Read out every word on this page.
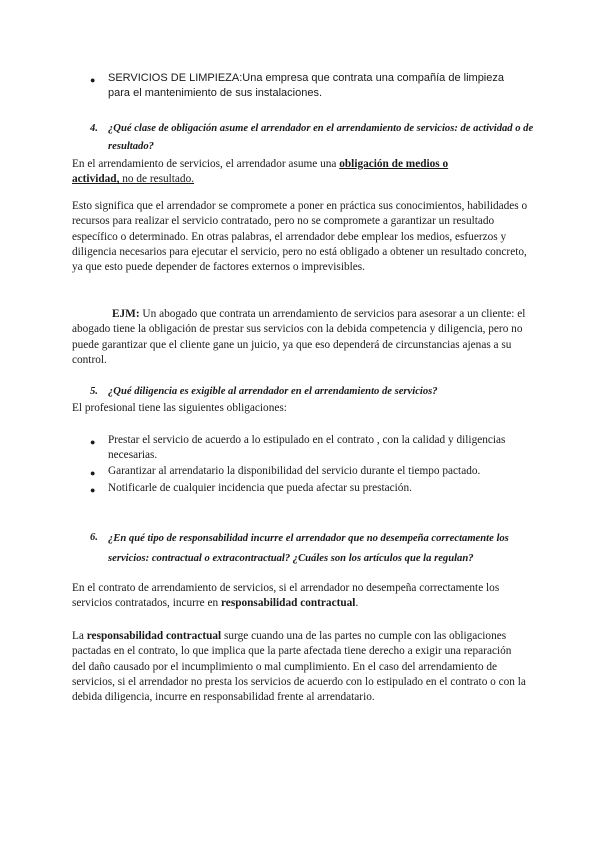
● SERVICIOS DE LIMPIEZA:Una empresa que contrata una compañía de limpieza para el mantenimiento de sus instalaciones.

4. ¿Qué clase de obligación asume el arrendador en el arrendamiento de servicios: de actividad o de resultado?

En el arrendamiento de servicios, el arrendador asume una obligación de medios o actividad, no de resultado.

Esto significa que el arrendador se compromete a poner en práctica sus conocimientos, habilidades o recursos para realizar el servicio contratado, pero no se compromete a garantizar un resultado específico o determinado. En otras palabras, el arrendador debe emplear los medios, esfuerzos y diligencia necesarios para ejecutar el servicio, pero no está obligado a obtener un resultado concreto, ya que esto puede depender de factores externos o imprevisibles.

EJM: Un abogado que contrata un arrendamiento de servicios para asesorar a un cliente: el abogado tiene la obligación de prestar sus servicios con la debida competencia y diligencia, pero no puede garantizar que el cliente gane un juicio, ya que eso dependerá de circunstancias ajenas a su control.

5. ¿Qué diligencia es exigible al arrendador en el arrendamiento de servicios?

El profesional tiene las siguientes obligaciones:

● Prestar el servicio de acuerdo a lo estipulado en el contrato , con la calidad y diligencias necesarias.

● Garantizar al arrendatario la disponibilidad del servicio durante el tiempo pactado.

● Notificarle de cualquier incidencia que pueda afectar su prestación.

6. ¿En qué tipo de responsabilidad incurre el arrendador que no desempeña correctamente los servicios: contractual o extracontractual? ¿Cuáles son los artículos que la regulan?

En el contrato de arrendamiento de servicios, si el arrendador no desempeña correctamente los servicios contratados, incurre en responsabilidad contractual.

La responsabilidad contractual surge cuando una de las partes no cumple con las obligaciones pactadas en el contrato, lo que implica que la parte afectada tiene derecho a exigir una reparación del daño causado por el incumplimiento o mal cumplimiento. En el caso del arrendamiento de servicios, si el arrendador no presta los servicios de acuerdo con lo estipulado en el contrato o con la debida diligencia, incurre en responsabilidad frente al arrendatario.
